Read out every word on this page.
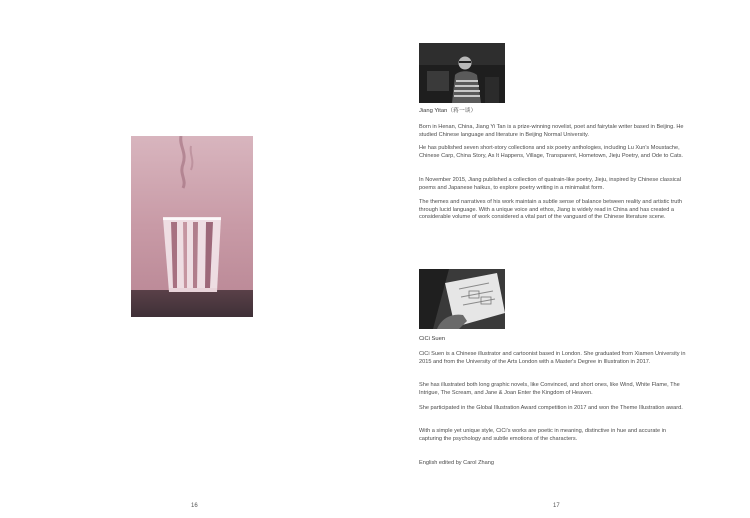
16
Jiang Yitan（蒋一谈）

Born in Henan, China, Jiang Yi Tan is a prize-winning novelist, poet and fairytale writer based in Beijing. He studied Chinese language and literature in Beijing Normal University.

He has published seven short-story collections and six poetry anthologies, including Lu Xun's Moustache, Chinese Carp, China Story, As It Happens, Village, Transparent, Hometown, Jieju Poetry, and Ode to Cats.

In November 2015, Jiang published a collection of quatrain-like poetry, Jieju, inspired by Chinese classical poems and Japanese haikus, to explore poetry writing in a minimalist form.

The themes and narratives of his work maintain a subtle sense of balance between reality and artistic truth through lucid language. With a unique voice and ethos, Jiang is widely read in China and has created a considerable volume of work considered a vital part of the vanguard of the Chinese literature scene.

CiCi Suen

CiCi Suen is a Chinese illustrator and cartoonist based in London. She graduated from Xiamen University in 2015 and from the University of the Arts London with a Master's Degree in Illustration in 2017.

She has illustrated both long graphic novels, like Convinced, and short ones, like Wind, White Flame, The Intrigue, The Scream, and Jane & Joan Enter the Kingdom of Heaven.

She participated in the Global Illustration Award competition in 2017 and won the Theme Illustration award.

With a simple yet unique style, CiCi's works are poetic in meaning, distinctive in hue and accurate in capturing the psychology and subtle emotions of the characters.

English edited by Carol Zhang
17
